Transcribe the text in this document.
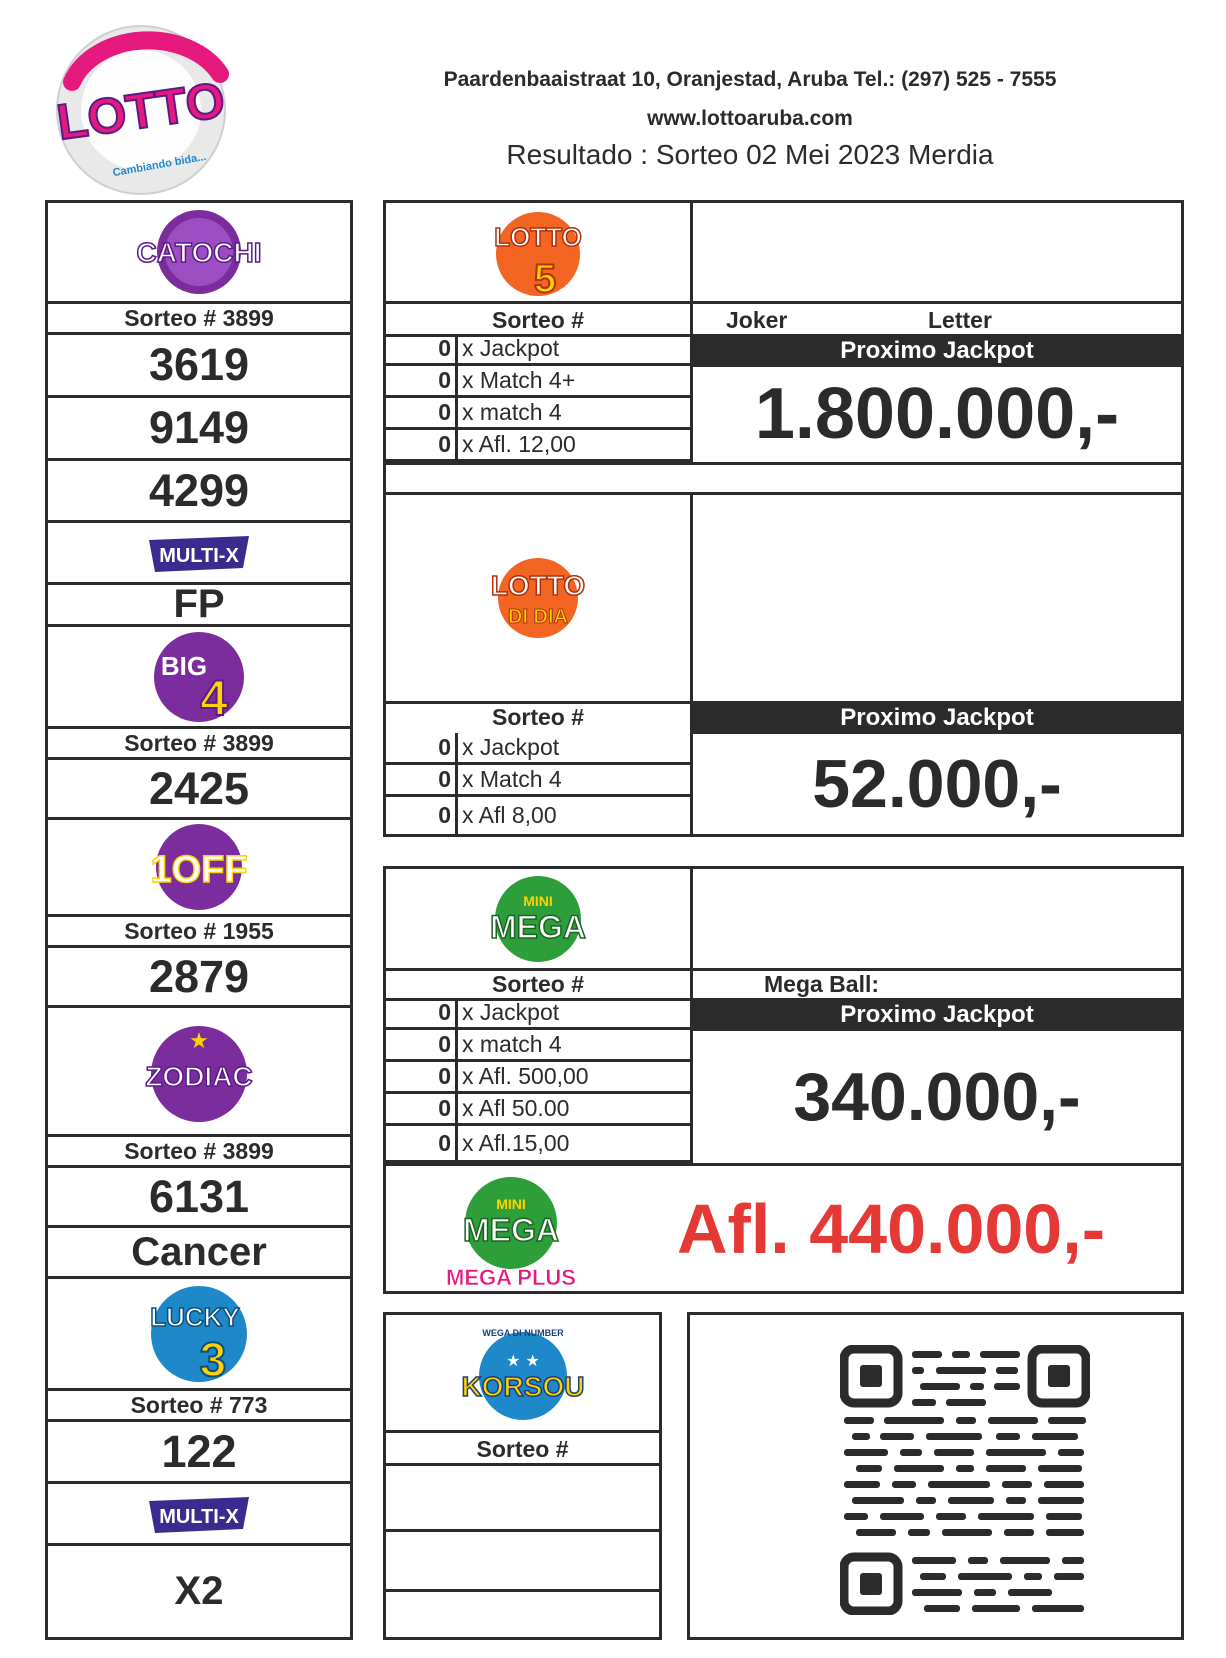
LOTTO
Cambiando bida...
Paardenbaaistraat 10, Oranjestad, Aruba Tel.: (297) 525 - 7555
www.lottoaruba.com
Resultado : Sorteo 02 Mei 2023 Merdia
CATOCHI
Sorteo # 3899
3619
9149
4299
MULTI-X
FP
BIG
4
Sorteo # 3899
2425
1OFF
Sorteo # 1955
2879
★
ZODIAC
Sorteo # 3899
6131
Cancer
LUCKY
3
Sorteo # 773
122
MULTI-X
X2
LOTTO
5
Sorteo #	Joker	Letter
Proximo Jackpot
0 x Jackpot
0 x Match 4+
0 x match 4
0 x Afl. 12,00	1.800.000,-
LOTTO
DI DIA
Sorteo #	Proximo Jackpot
0 x Jackpot
0 x Match 4
0 x Afl 8,00	52.000,-
MINI
MEGA
Sorteo #	Mega Ball:
Proximo Jackpot
0 x Jackpot
0 x match 4
0 x Afl. 500,00
0 x Afl 50.00
0 x Afl.15,00
340.000,-
MINI
MEGA
MEGA PLUS
Afl. 440.000,-
WEGA DI NUMBER
★ ★
KORSOU
Sorteo #
